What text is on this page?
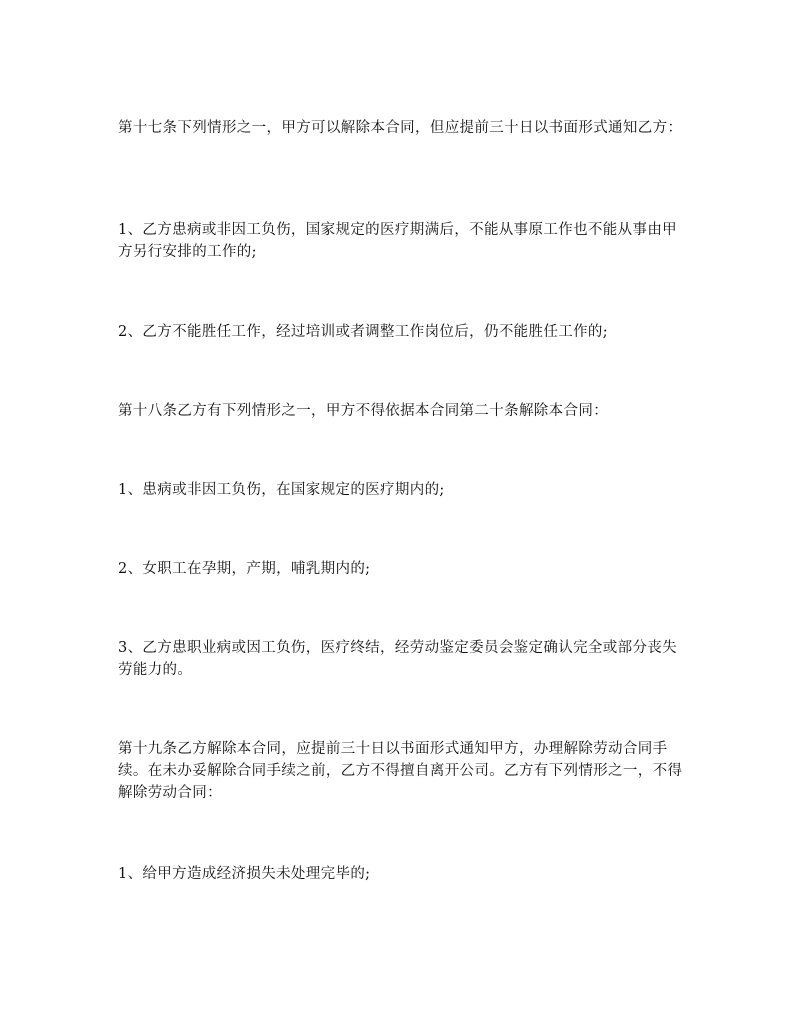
第十七条下列情形之一，甲方可以解除本合同，但应提前三十日以书面形式通知乙方：

1、乙方患病或非因工负伤，国家规定的医疗期满后，不能从事原工作也不能从事由甲方另行安排的工作的;

2、乙方不能胜任工作，经过培训或者调整工作岗位后，仍不能胜任工作的;

第十八条乙方有下列情形之一，甲方不得依据本合同第二十条解除本合同：

1、患病或非因工负伤，在国家规定的医疗期内的;

2、女职工在孕期，产期，哺乳期内的;

3、乙方患职业病或因工负伤，医疗终结，经劳动鉴定委员会鉴定确认完全或部分丧失劳能力的。

第十九条乙方解除本合同，应提前三十日以书面形式通知甲方，办理解除劳动合同手续。在未办妥解除合同手续之前，乙方不得擅自离开公司。乙方有下列情形之一，不得解除劳动合同：

1、给甲方造成经济损失未处理完毕的;
